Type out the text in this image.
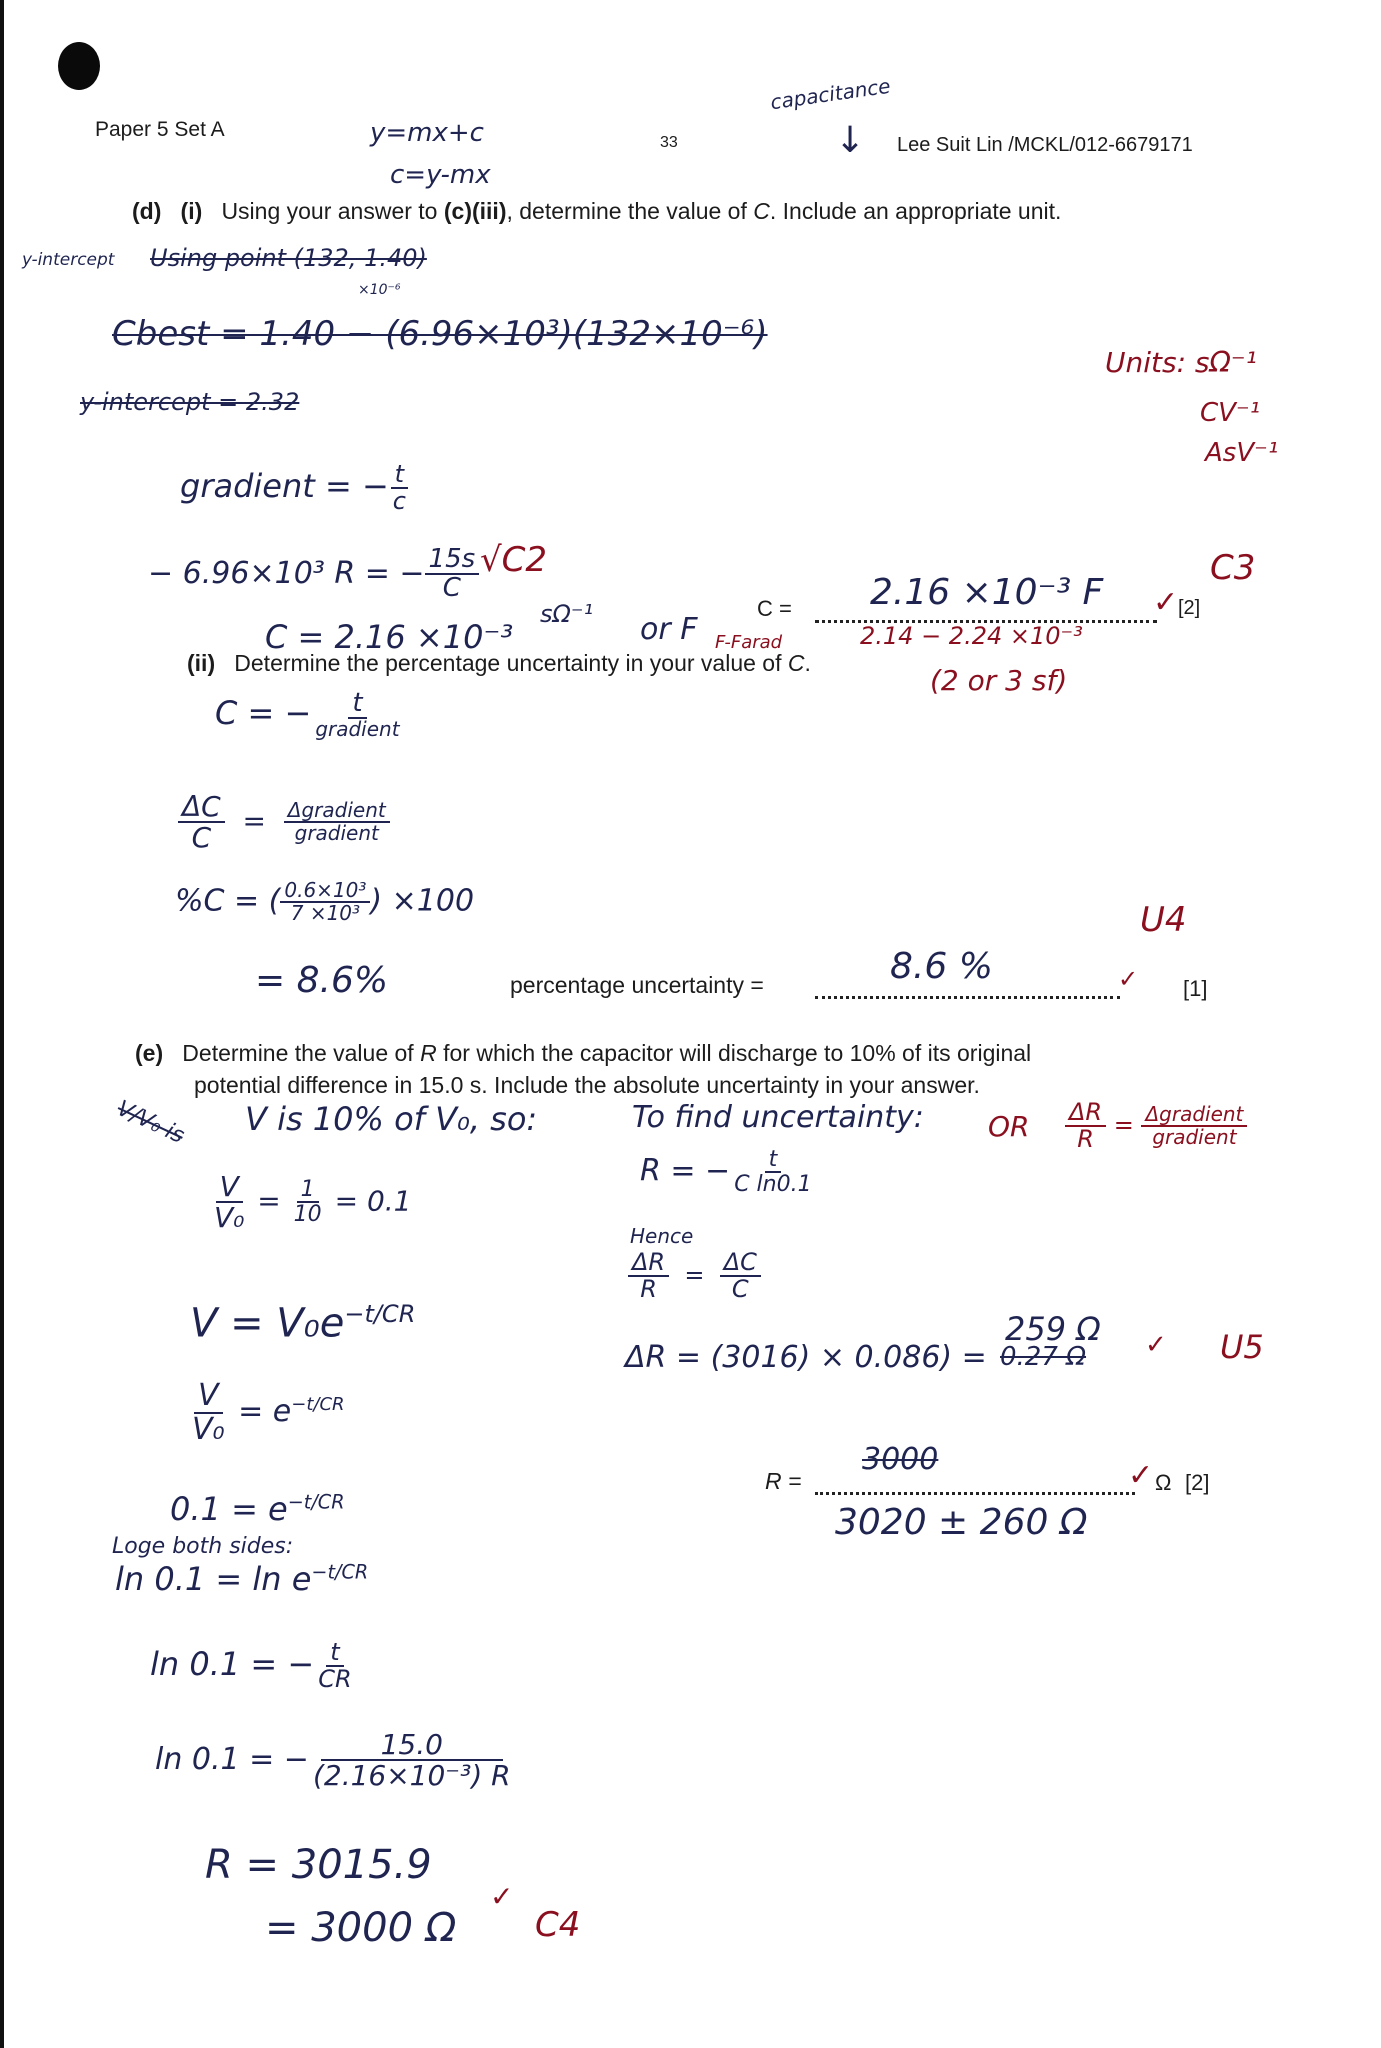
Paper 5 Set A
33	Lee Suit Lin /MCKL/012-6679171
y=mx+c
c=y-mx
capacitance
↓
(d) (i) Using your answer to (c)(iii), determine the value of C. Include an appropriate unit.
y-intercept Using point (132, 1.40)
×10⁻⁶
Cbest = 1.40 − (6.96×10³)(132×10⁻⁶)
y-intercept = 2.32
Units: sΩ⁻¹
CV⁻¹
AsV⁻¹
gradient = − $\frac{t}{c}$
− 6.96×10³ R = − $\frac{15s}{C} √C2$
C = 2.16 ×10⁻³
sΩ⁻¹ or F F-Farad
C = 2.16 ×10⁻³ F ✓ [2]
C3
2.14 − 2.24 ×10⁻³
(ii) Determine the percentage uncertainty in your value of C.
(2 or 3 sf)
C = − $\frac{t}{\text{gradient}}$
$\frac{\Delta C}{C} = \frac{\text{Δgradient}}{\text{gradient}}$
%C = ( $\frac{\text{0.6×10³}}{\text{7 ×10³}}$ ) ×100
= 8.6%	percentage uncertainty =	8.6 %	✓ [1]
U4
(e) Determine the value of R for which the capacitor will discharge to 10% of its original
potential difference in 15.0 s. Include the absolute uncertainty in your answer.
V/V₀ is V is 10% of V₀, so:
$\frac{V}{\text{V₀}} = \frac{1}{10} = 0.1$
$V = V_0e^{-t/CR}$
$\frac{V}{\text{V₀}} = e^{-t/CR}$
$0.1 = e^{-t/CR}$
Loge both sides:
$\ln 0.1 = \ln e^{-t/CR}$
ln 0.1 = − $\frac{t}{CR}$
ln 0.1 = − $\frac{15.0}{\text{(2.16×10⁻³) R}}$
R = 3015.9
= 3000 Ω
✓
C4
To find uncertainty:
R = − $\frac{t}{\text{C ln0.1}}$
Hence
$\frac{\Delta R}{R} = \frac{\Delta C}{C}$
ΔR = (3016) × 0.086) =
259 Ω
0.27 Ω ✓ U5
OR $\frac{\Delta R}{R} = \frac{\text{Δgradient}}{\text{gradient}}$
R =
3000	✓ Ω [2]
3020 ± 260 Ω
